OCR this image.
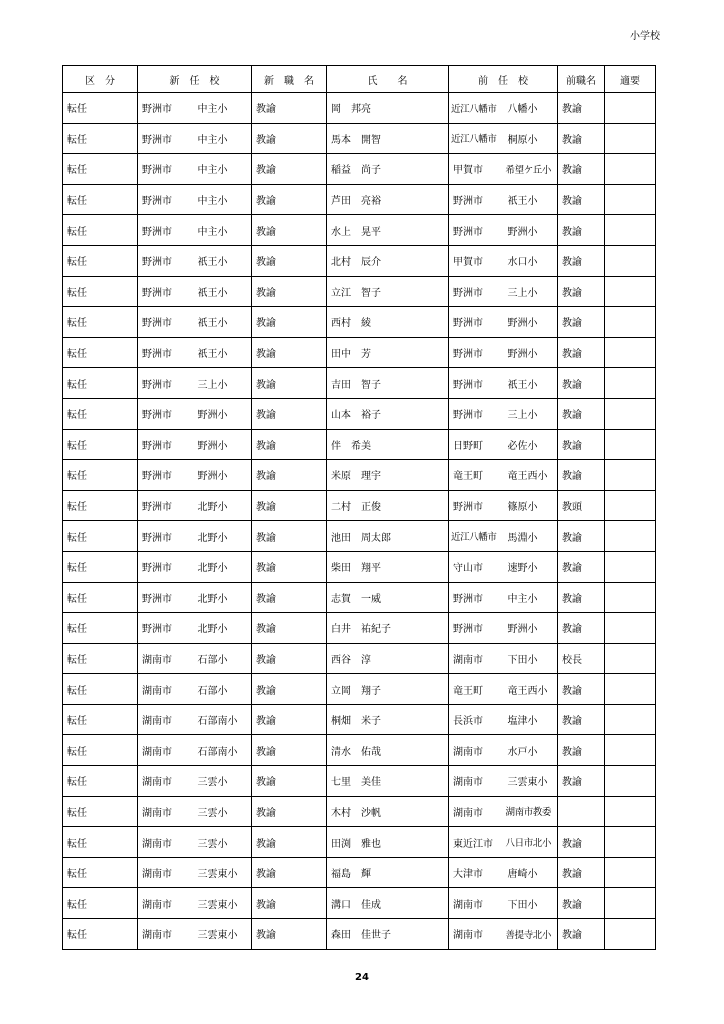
小学校
区　分	新　任　校		新　職　名	氏　　名	前　任　校		前職名	適要
転任	野洲市	中主小	教諭	岡　邦亮	近江八幡市	八幡小	教諭	
転任	野洲市	中主小	教諭	馬本　開智	近江八幡市	桐原小	教諭	
転任	野洲市	中主小	教諭	稲益　尚子	甲賀市	希望ケ丘小	教諭	
転任	野洲市	中主小	教諭	芦田　亮裕	野洲市	祇王小	教諭	
転任	野洲市	中主小	教諭	水上　晃平	野洲市	野洲小	教諭	
転任	野洲市	祇王小	教諭	北村　辰介	甲賀市	水口小	教諭	
転任	野洲市	祇王小	教諭	立江　智子	野洲市	三上小	教諭	
転任	野洲市	祇王小	教諭	西村　綾	野洲市	野洲小	教諭	
転任	野洲市	祇王小	教諭	田中　芳	野洲市	野洲小	教諭	
転任	野洲市	三上小	教諭	吉田　智子	野洲市	祇王小	教諭	
転任	野洲市	野洲小	教諭	山本　裕子	野洲市	三上小	教諭	
転任	野洲市	野洲小	教諭	伴　希美	日野町	必佐小	教諭	
転任	野洲市	野洲小	教諭	米原　理宇	竜王町	竜王西小	教諭	
転任	野洲市	北野小	教諭	二村　正俊	野洲市	篠原小	教頭	
転任	野洲市	北野小	教諭	池田　周太郎	近江八幡市	馬淵小	教諭	
転任	野洲市	北野小	教諭	柴田　翔平	守山市	速野小	教諭	
転任	野洲市	北野小	教諭	志賀　一威	野洲市	中主小	教諭	
転任	野洲市	北野小	教諭	白井　祐紀子	野洲市	野洲小	教諭	
転任	湖南市	石部小	教諭	西谷　淳	湖南市	下田小	校長	
転任	湖南市	石部小	教諭	立岡　翔子	竜王町	竜王西小	教諭	
転任	湖南市	石部南小	教諭	桐畑　米子	長浜市	塩津小	教諭	
転任	湖南市	石部南小	教諭	清水　佑哉	湖南市	水戸小	教諭	
転任	湖南市	三雲小	教諭	七里　美佳	湖南市	三雲東小	教諭	
転任	湖南市	三雲小	教諭	木村　沙帆	湖南市	湖南市教委		
転任	湖南市	三雲小	教諭	田渕　雅也	東近江市	八日市北小	教諭	
転任	湖南市	三雲東小	教諭	福島　輝	大津市	唐崎小	教諭	
転任	湖南市	三雲東小	教諭	溝口　佳成	湖南市	下田小	教諭	
転任	湖南市	三雲東小	教諭	森田　佳世子	湖南市	善提寺北小	教諭	
24
